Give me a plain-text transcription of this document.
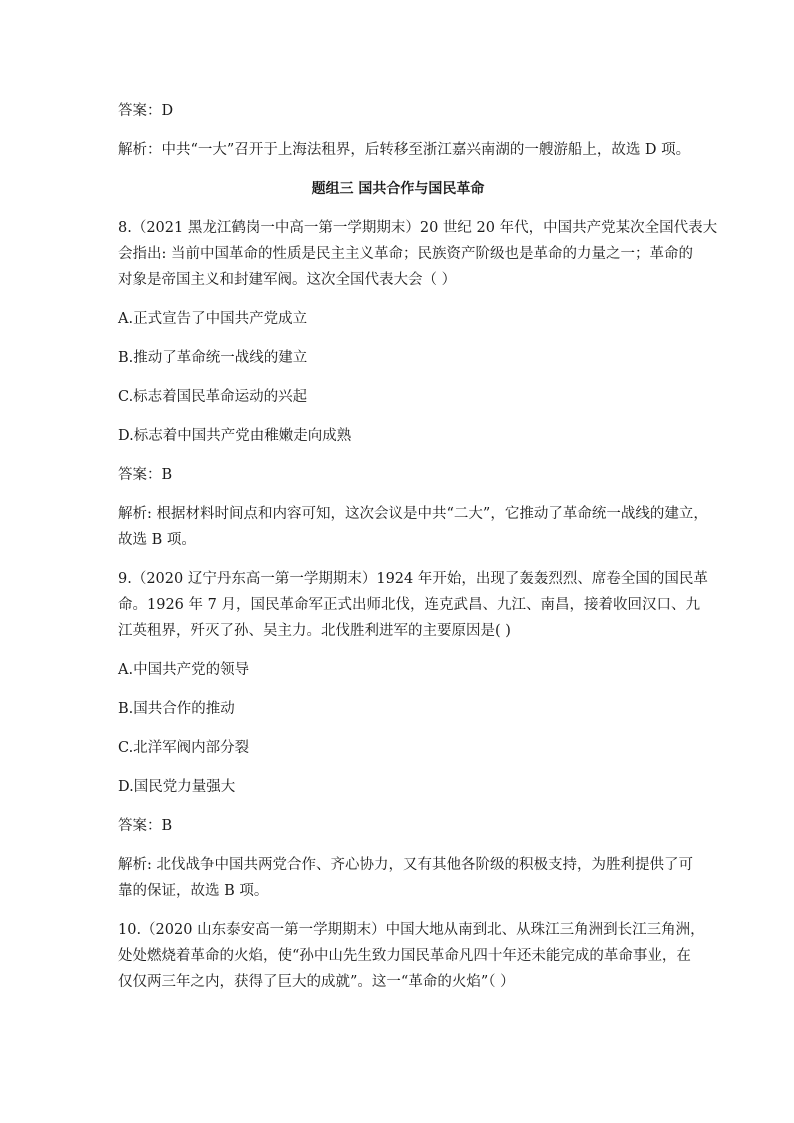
答案：D

解析：中共“一大”召开于上海法租界，后转移至浙江嘉兴南湖的一艘游船上，故选 D 项。

题组三 国共合作与国民革命

8.（2021 黑龙江鹤岗一中高一第一学期期末）20 世纪 20 年代，中国共产党某次全国代表大

会指出: 当前中国革命的性质是民主主义革命；民族资产阶级也是革命的力量之一；革命的

对象是帝国主义和封建军阀。这次全国代表大会（ ）

A.正式宣告了中国共产党成立

B.推动了革命统一战线的建立

C.标志着国民革命运动的兴起

D.标志着中国共产党由稚嫩走向成熟

答案：B

解析: 根据材料时间点和内容可知，这次会议是中共“二大”，它推动了革命统一战线的建立，

故选 B 项。

9.（2020 辽宁丹东高一第一学期期末）1924 年开始，出现了轰轰烈烈、席卷全国的国民革

命。1926 年 7 月，国民革命军正式出师北伐，连克武昌、九江、南昌，接着收回汉口、九

江英租界，歼灭了孙、吴主力。北伐胜利进军的主要原因是( )

A.中国共产党的领导

B.国共合作的推动

C.北洋军阀内部分裂

D.国民党力量强大

答案：B

解析: 北伐战争中国共两党合作、齐心协力，又有其他各阶级的积极支持，为胜利提供了可

靠的保证，故选 B 项。

10.（2020 山东泰安高一第一学期期末）中国大地从南到北、从珠江三角洲到长江三角洲，

处处燃烧着革命的火焰，使“孙中山先生致力国民革命凡四十年还未能完成的革命事业，在

仅仅两三年之内，获得了巨大的成就”。这一“革命的火焰”（ ）
